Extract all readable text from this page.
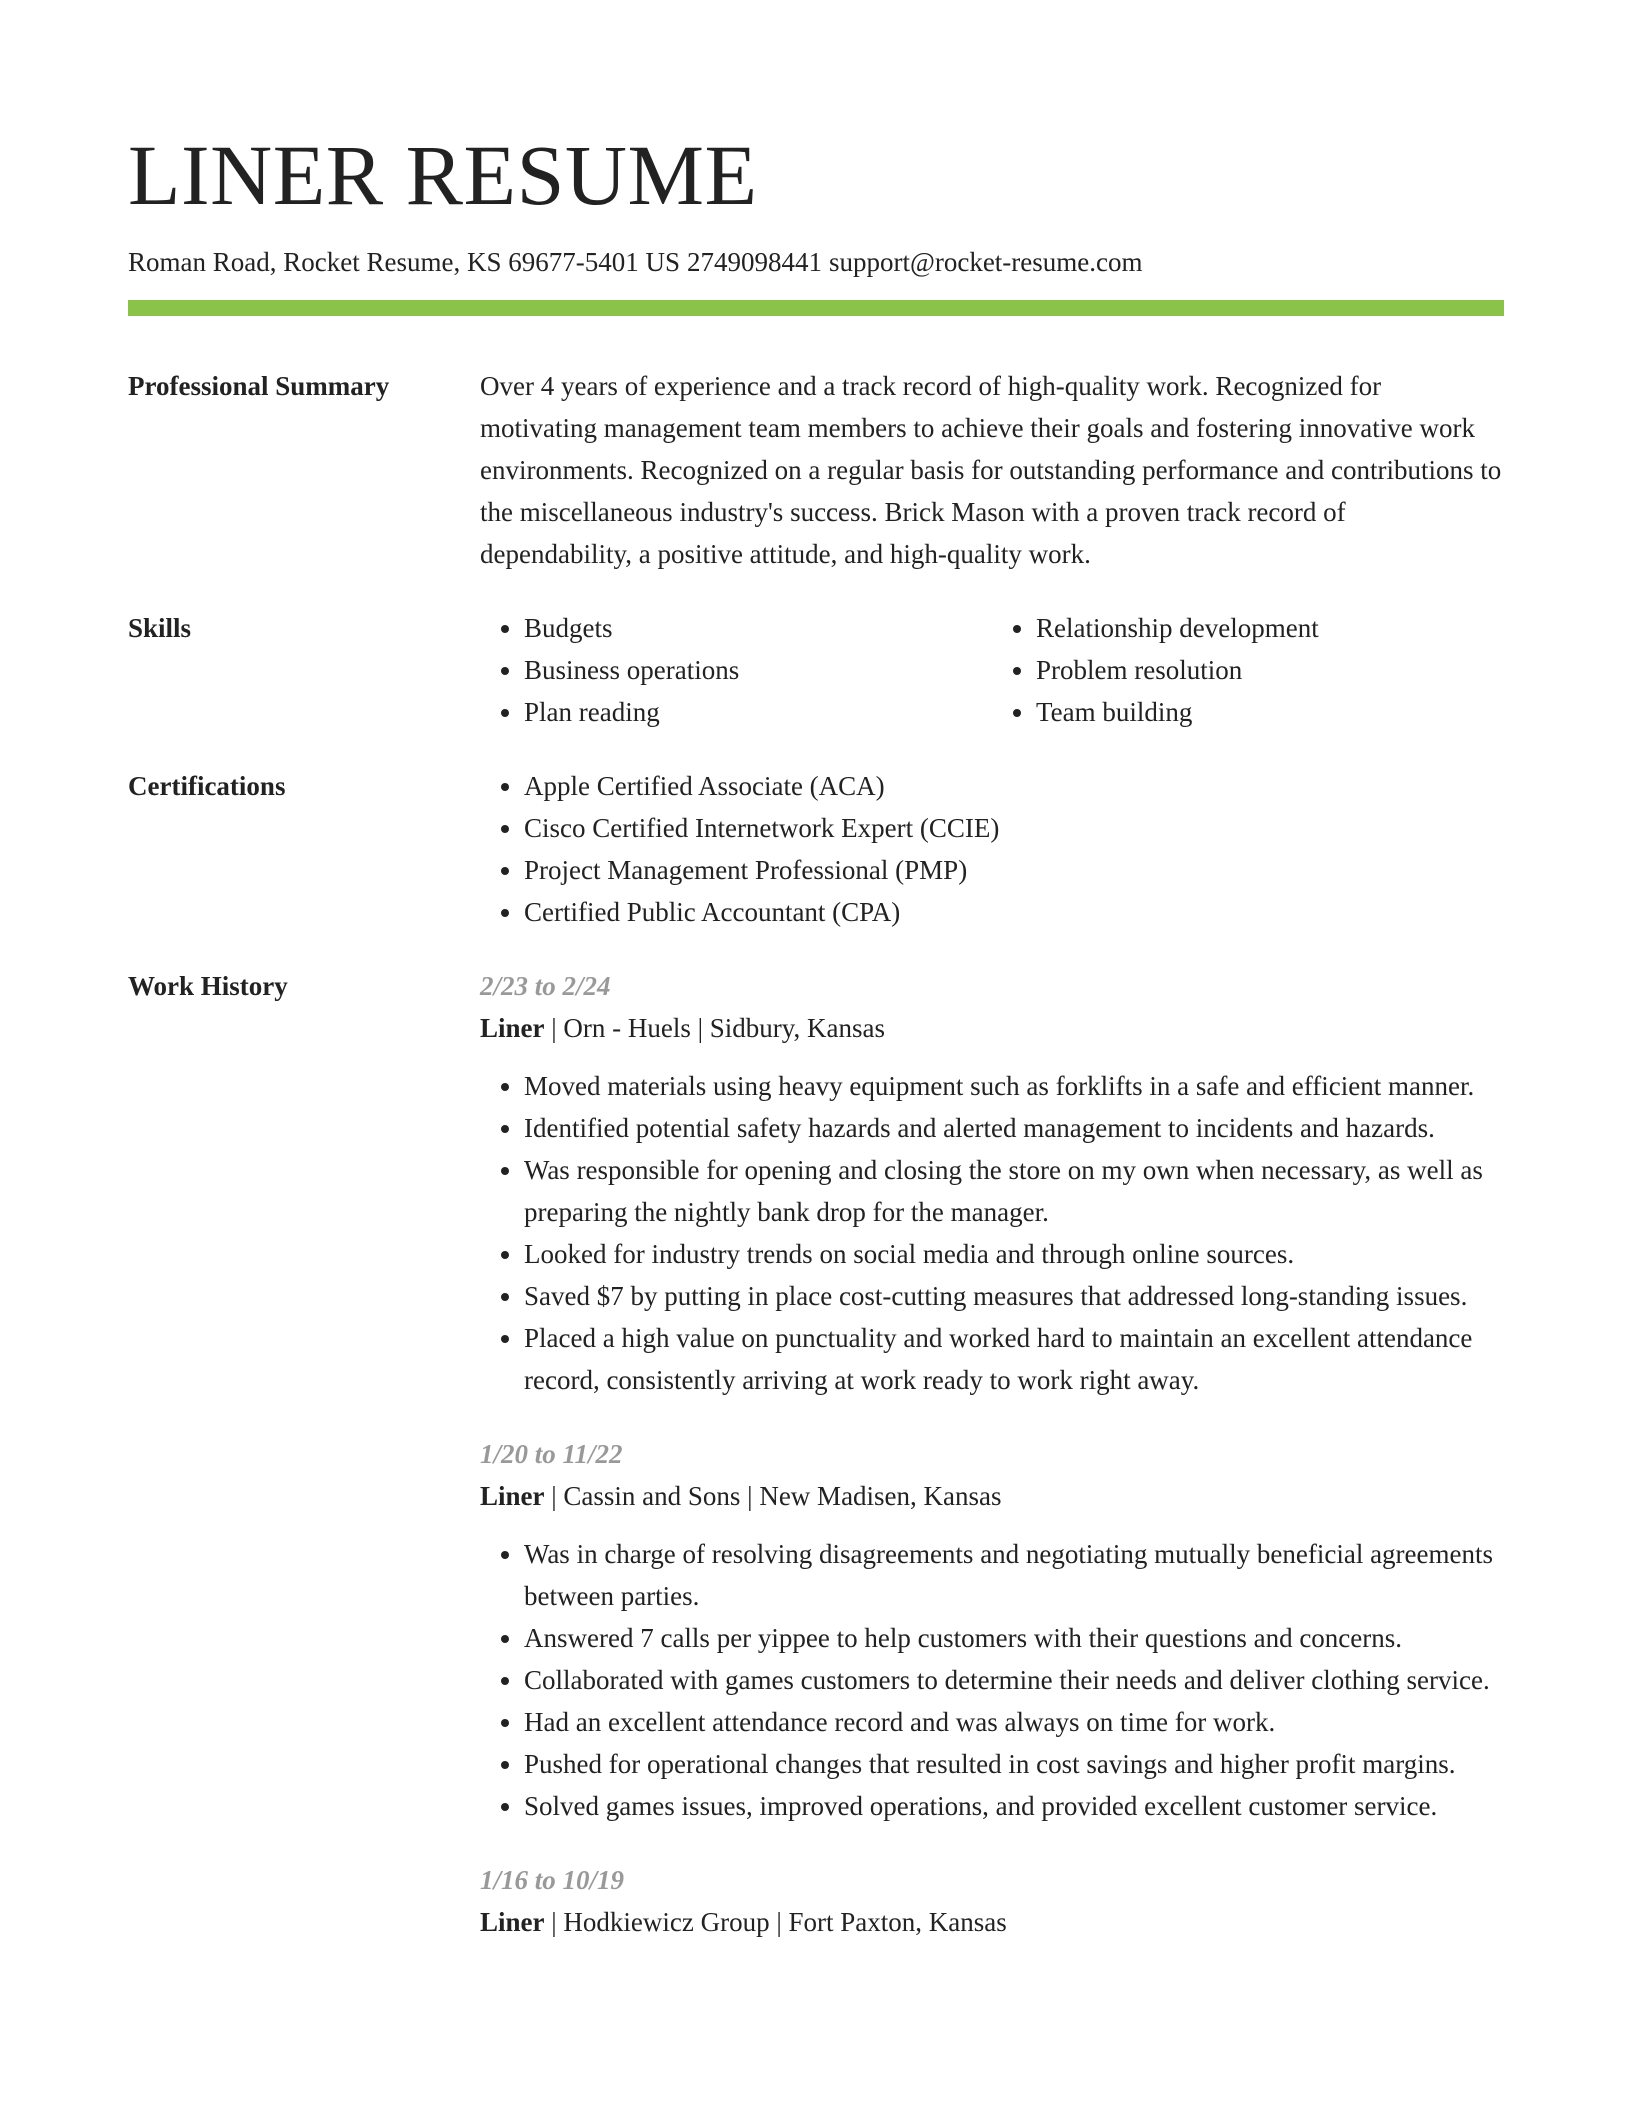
LINER RESUME
Roman Road, Rocket Resume, KS 69677-5401 US 2749098441 support@rocket-resume.com
Professional Summary	Over 4 years of experience and a track record of high-quality work. Recognized for motivating management team members to achieve their goals and fostering innovative work environments. Recognized on a regular basis for outstanding performance and contributions to the miscellaneous industry's success. Brick Mason with a proven track record of dependability, a positive attitude, and high-quality work.
Skills	• Budgets
• Business operations
• Plan reading
• Relationship development
• Problem resolution
• Team building
Certifications	• Apple Certified Associate (ACA)
• Cisco Certified Internetwork Expert (CCIE)
• Project Management Professional (PMP)
• Certified Public Accountant (CPA)
Work History	2/23 to 2/24
Liner | Orn - Huels | Sidbury, Kansas
• Moved materials using heavy equipment such as forklifts in a safe and efficient manner.
• Identified potential safety hazards and alerted management to incidents and hazards.
• Was responsible for opening and closing the store on my own when necessary, as well as preparing the nightly bank drop for the manager.
• Looked for industry trends on social media and through online sources.
• Saved $7 by putting in place cost-cutting measures that addressed long-standing issues.
• Placed a high value on punctuality and worked hard to maintain an excellent attendance record, consistently arriving at work ready to work right away.
1/20 to 11/22
Liner | Cassin and Sons | New Madisen, Kansas
• Was in charge of resolving disagreements and negotiating mutually beneficial agreements between parties.
• Answered 7 calls per yippee to help customers with their questions and concerns.
• Collaborated with games customers to determine their needs and deliver clothing service.
• Had an excellent attendance record and was always on time for work.
• Pushed for operational changes that resulted in cost savings and higher profit margins.
• Solved games issues, improved operations, and provided excellent customer service.
1/16 to 10/19
Liner | Hodkiewicz Group | Fort Paxton, Kansas
